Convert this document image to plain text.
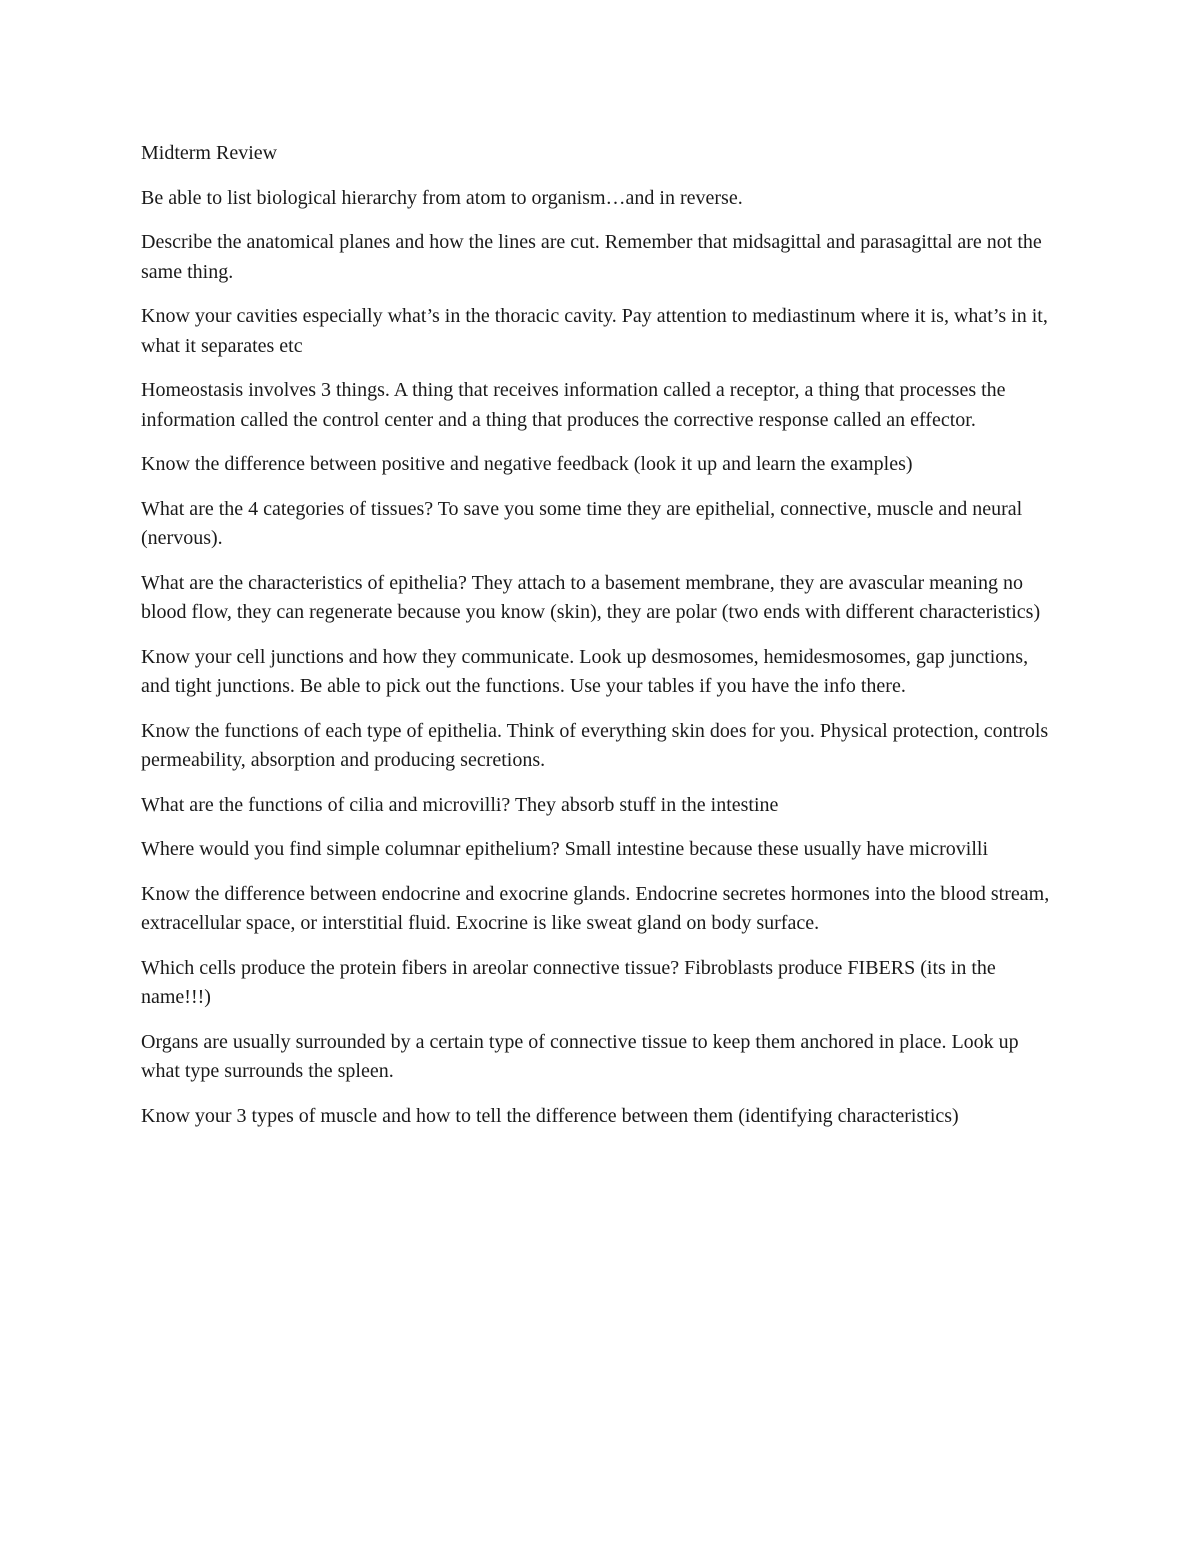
Midterm Review

Be able to list biological hierarchy from atom to organism…and in reverse.

Describe the anatomical planes and how the lines are cut. Remember that midsagittal and parasagittal are not the same thing.

Know your cavities especially what’s in the thoracic cavity. Pay attention to mediastinum where it is, what’s in it, what it separates etc

Homeostasis involves 3 things. A thing that receives information called a receptor, a thing that processes the information called the control center and a thing that produces the corrective response called an effector.

Know the difference between positive and negative feedback (look it up and learn the examples)

What are the 4 categories of tissues? To save you some time they are epithelial, connective, muscle and neural (nervous).

What are the characteristics of epithelia? They attach to a basement membrane, they are avascular meaning no blood flow, they can regenerate because you know (skin), they are polar (two ends with different characteristics)

Know your cell junctions and how they communicate. Look up desmosomes, hemidesmosomes, gap junctions, and tight junctions. Be able to pick out the functions. Use your tables if you have the info there.

Know the functions of each type of epithelia. Think of everything skin does for you. Physical protection, controls permeability, absorption and producing secretions.

What are the functions of cilia and microvilli? They absorb stuff in the intestine

Where would you find simple columnar epithelium? Small intestine because these usually have microvilli

Know the difference between endocrine and exocrine glands. Endocrine secretes hormones into the blood stream, extracellular space, or interstitial fluid. Exocrine is like sweat gland on body surface.

Which cells produce the protein fibers in areolar connective tissue? Fibroblasts produce FIBERS (its in the name!!!)

Organs are usually surrounded by a certain type of connective tissue to keep them anchored in place. Look up what type surrounds the spleen.

Know your 3 types of muscle and how to tell the difference between them (identifying characteristics)
